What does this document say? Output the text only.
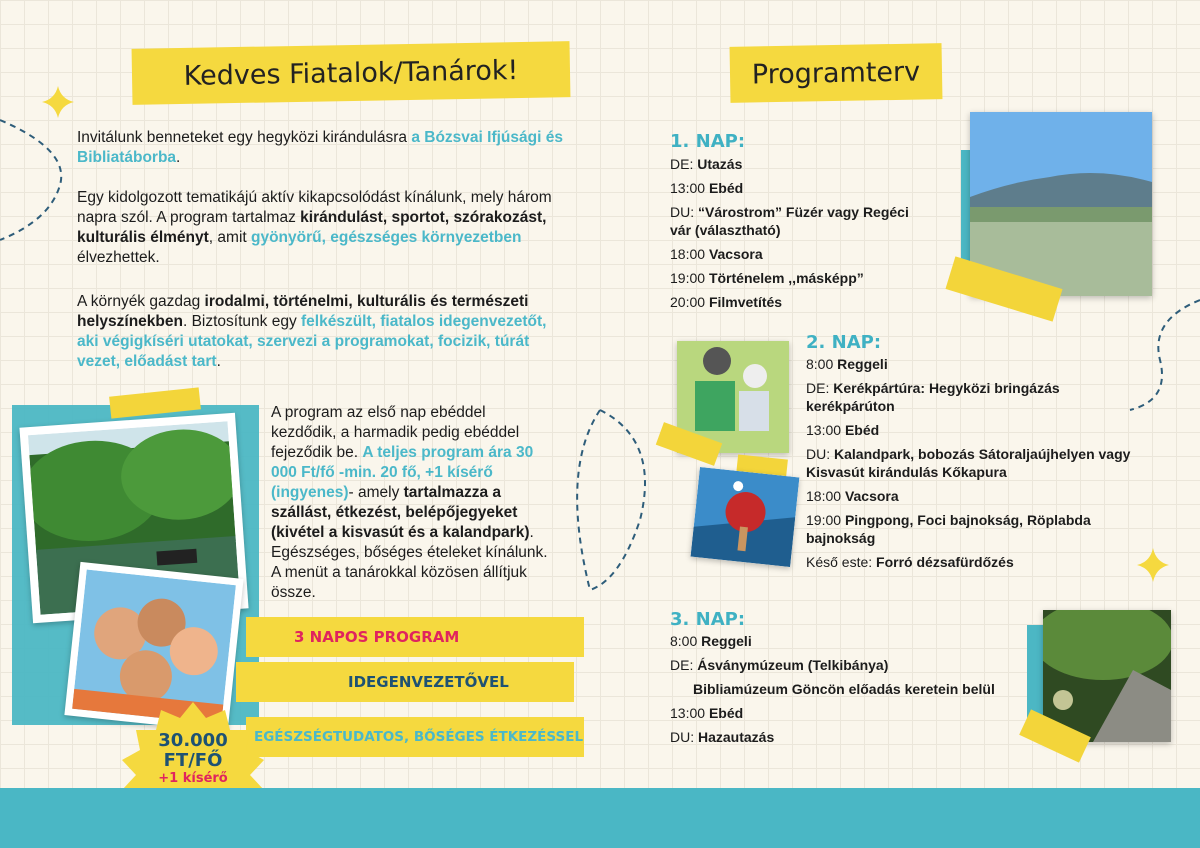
Kedves Fiatalok/Tanárok!
Invitálunk benneteket egy hegyközi kirándulásra a Bózsvai Ifjúsági és Bibliatáborba.
Egy kidolgozott tematikájú aktív kikapcsolódást kínálunk, mely három napra szól. A program tartalmaz kirándulást, sportot, szórakozást, kulturális élményt, amit gyönyörű, egészséges környezetben élvezhettek.
A környék gazdag irodalmi, történelmi, kulturális és természeti helyszínekben. Biztosítunk egy felkészült, fiatalos idegenvezetőt, aki végigkíséri utatokat, szervezi a programokat, focizik, túrát vezet, előadást tart.
A program az első nap ebéddel kezdődik, a harmadik pedig ebéddel fejeződik be. A teljes program ára 30 000 Ft/fő -min. 20 fő, +1 kísérő (ingyenes)- amely tartalmazza a szállást, étkezést, belépőjegyeket (kivétel a kisvasút és a kalandpark). Egészséges, bőséges ételeket kínálunk. A menüt a tanárokkal közösen állítjuk össze.
3 NAPOS PROGRAM
IDEGENVEZETŐVEL
EGÉSZSÉGTUDATOS, BŐSÉGES ÉTKEZÉSSEL
30.000
FT/FŐ
+1 kísérő
Programterv
1. NAP:
DE: Utazás
13:00 Ebéd
DU: “Várostrom” Füzér vagy Regéci vár (választható)
18:00 Vacsora
19:00 Történelem ,,másképp”
20:00 Filmvetítés
2. NAP:
8:00 Reggeli
DE: Kerékpártúra: Hegyközi bringázás kerékpárúton
13:00 Ebéd
DU: Kalandpark, bobozás Sátoraljaújhelyen vagy Kisvasút kirándulás Kőkapura
18:00 Vacsora
19:00 Pingpong, Foci bajnokság, Röplabda bajnokság
Késő este: Forró dézsafürdőzés
3. NAP:
8:00 Reggeli
DE: Ásványmúzeum (Telkibánya)
Bibliamúzeum Göncön előadás keretein belül
13:00 Ebéd
DU: Hazautazás
